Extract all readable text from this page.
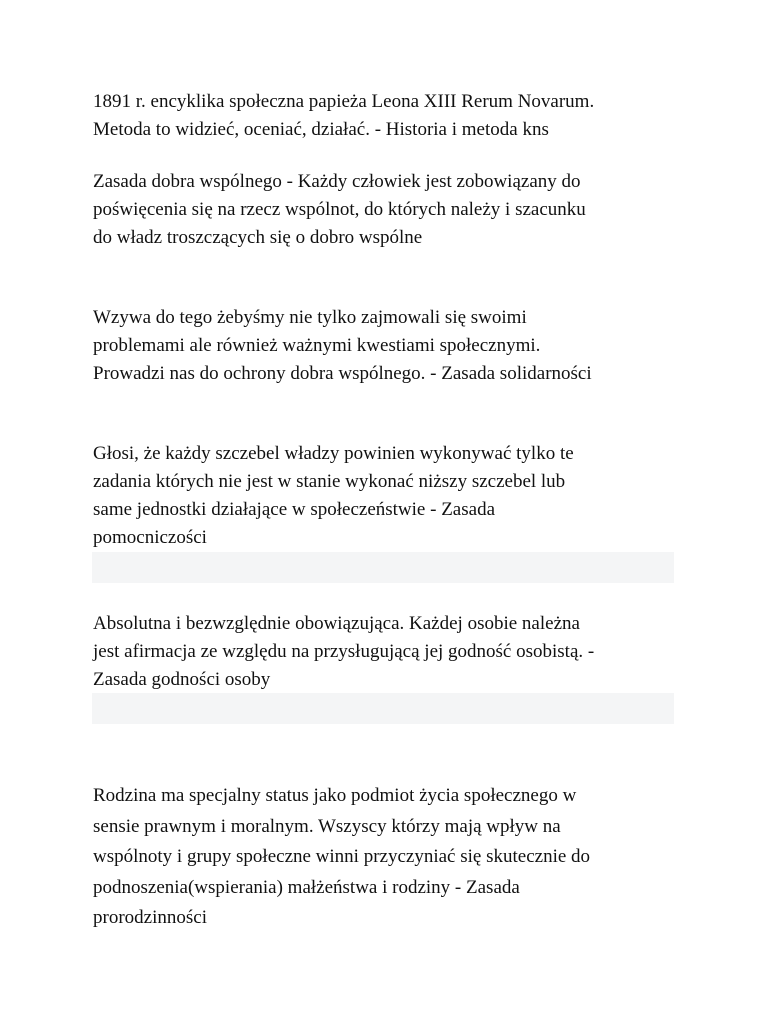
1891 r. encyklika społeczna papieża Leona XIII Rerum Novarum.
Metoda to widzieć, oceniać, działać. - Historia i metoda kns

Zasada dobra wspólnego - Każdy człowiek jest zobowiązany do
poświęcenia się na rzecz wspólnot, do których należy i szacunku
do władz troszczących się o dobro wspólne

Wzywa do tego żebyśmy nie tylko zajmowali się swoimi
problemami ale również ważnymi kwestiami społecznymi.
Prowadzi nas do ochrony dobra wspólnego. - Zasada solidarności

Głosi, że każdy szczebel władzy powinien wykonywać tylko te
zadania których nie jest w stanie wykonać niższy szczebel lub
same jednostki działające w społeczeństwie - Zasada
pomocniczości

Absolutna i bezwzględnie obowiązująca. Każdej osobie należna
jest afirmacja ze względu na przysługującą jej godność osobistą. -
Zasada godności osoby

Rodzina ma specjalny status jako podmiot życia społecznego w
sensie prawnym i moralnym. Wszyscy którzy mają wpływ na
wspólnoty i grupy społeczne winni przyczyniać się skutecznie do
podnoszenia(wspierania) małżeństwa i rodziny - Zasada
prorodzinności
